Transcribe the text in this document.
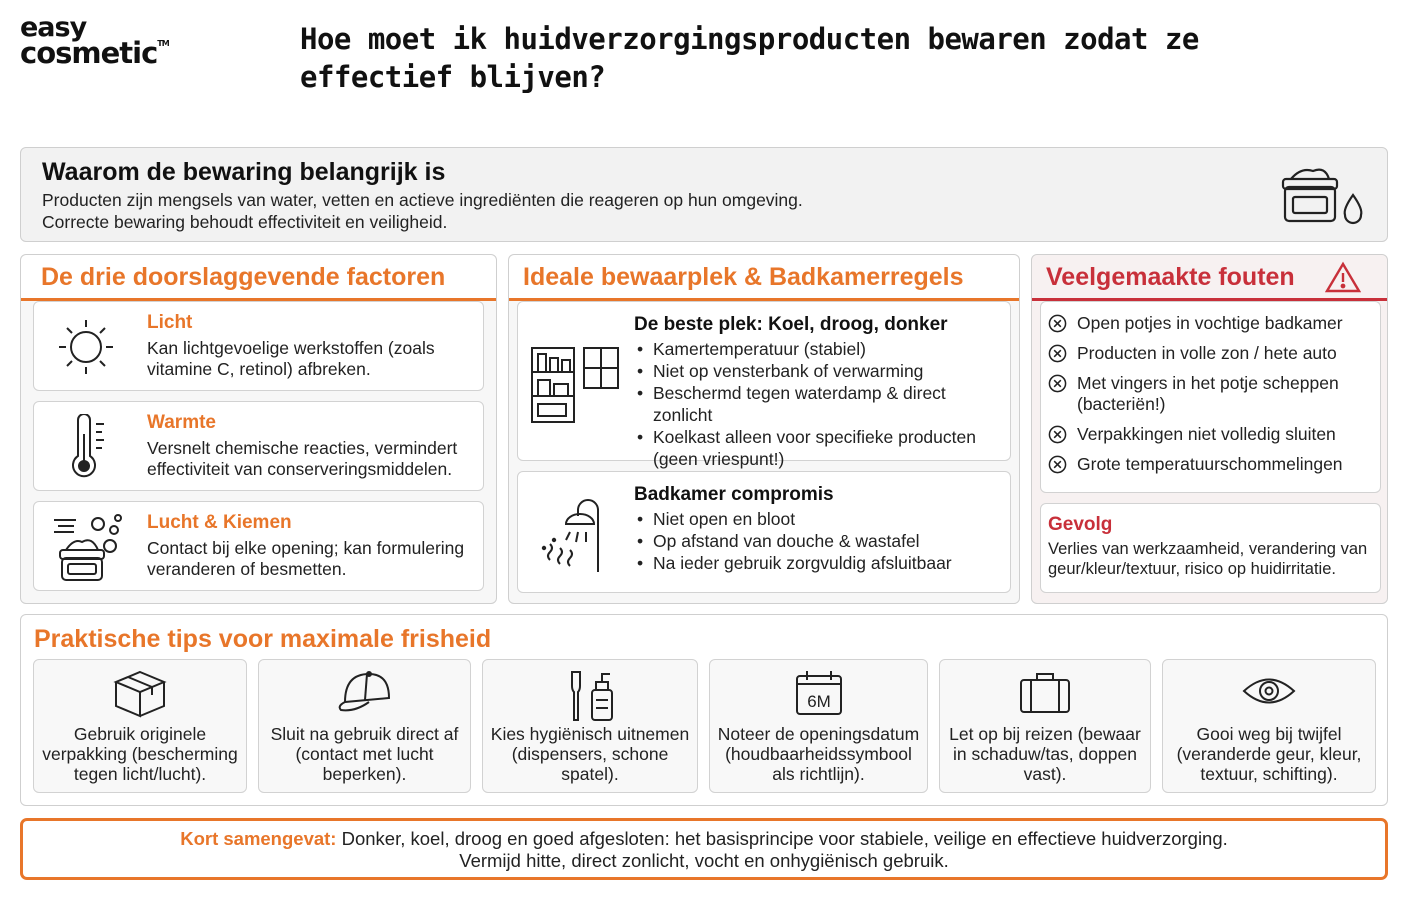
easy
cosmetic™	Hoe moet ik huidverzorgingsproducten bewaren zodat ze effectief blijven?
Waarom de bewaring belangrijk is

Producten zijn mengsels van water, vetten en actieve ingrediënten die reageren op hun omgeving.

Correcte bewaring behoudt effectiviteit en veiligheid.

De drie doorslaggevende factoren
Licht
Kan lichtgevoelige werkstoffen (zoals vitamine C, retinol) afbreken.
Warmte
Versnelt chemische reacties, vermindert effectiviteit van conserveringsmiddelen.
Lucht & Kiemen
Contact bij elke opening; kan formulering veranderen of besmetten.
Ideale bewaarplek & Badkamerregels
De beste plek: Koel, droog, donker
• Kamertemperatuur (stabiel)
• Niet op vensterbank of verwarming
• Beschermd tegen waterdamp & direct zonlicht
• Koelkast alleen voor specifieke producten (geen vriespunt!)
Badkamer compromis
• Niet open en bloot
• Op afstand van douche & wastafel
• Na ieder gebruik zorgvuldig afsluitbaar
Veelgemaakte fouten
Open potjes in vochtige badkamer
Producten in volle zon / hete auto
Met vingers in het potje scheppen (bacteriën!)
Verpakkingen niet volledig sluiten
Grote temperatuurschommelingen
Gevolg
Verlies van werkzaamheid, verandering van geur/kleur/textuur, risico op huidirritatie.
Praktische tips voor maximale frisheid
Gebruik originele verpakking (bescherming tegen licht/lucht).
Sluit na gebruik direct af (contact met lucht beperken).
Kies hygiënisch uitnemen (dispensers, schone spatel).
6M
Noteer de openingsdatum (houdbaarheidssymbool als richtlijn).
Let op bij reizen (bewaar in schaduw/tas, doppen vast).
Gooi weg bij twijfel (veranderde geur, kleur, textuur, schifting).
Kort samengevat: Donker, koel, droog en goed afgesloten: het basisprincipe voor stabiele, veilige en effectieve huidverzorging.
Vermijd hitte, direct zonlicht, vocht en onhygiënisch gebruik.
